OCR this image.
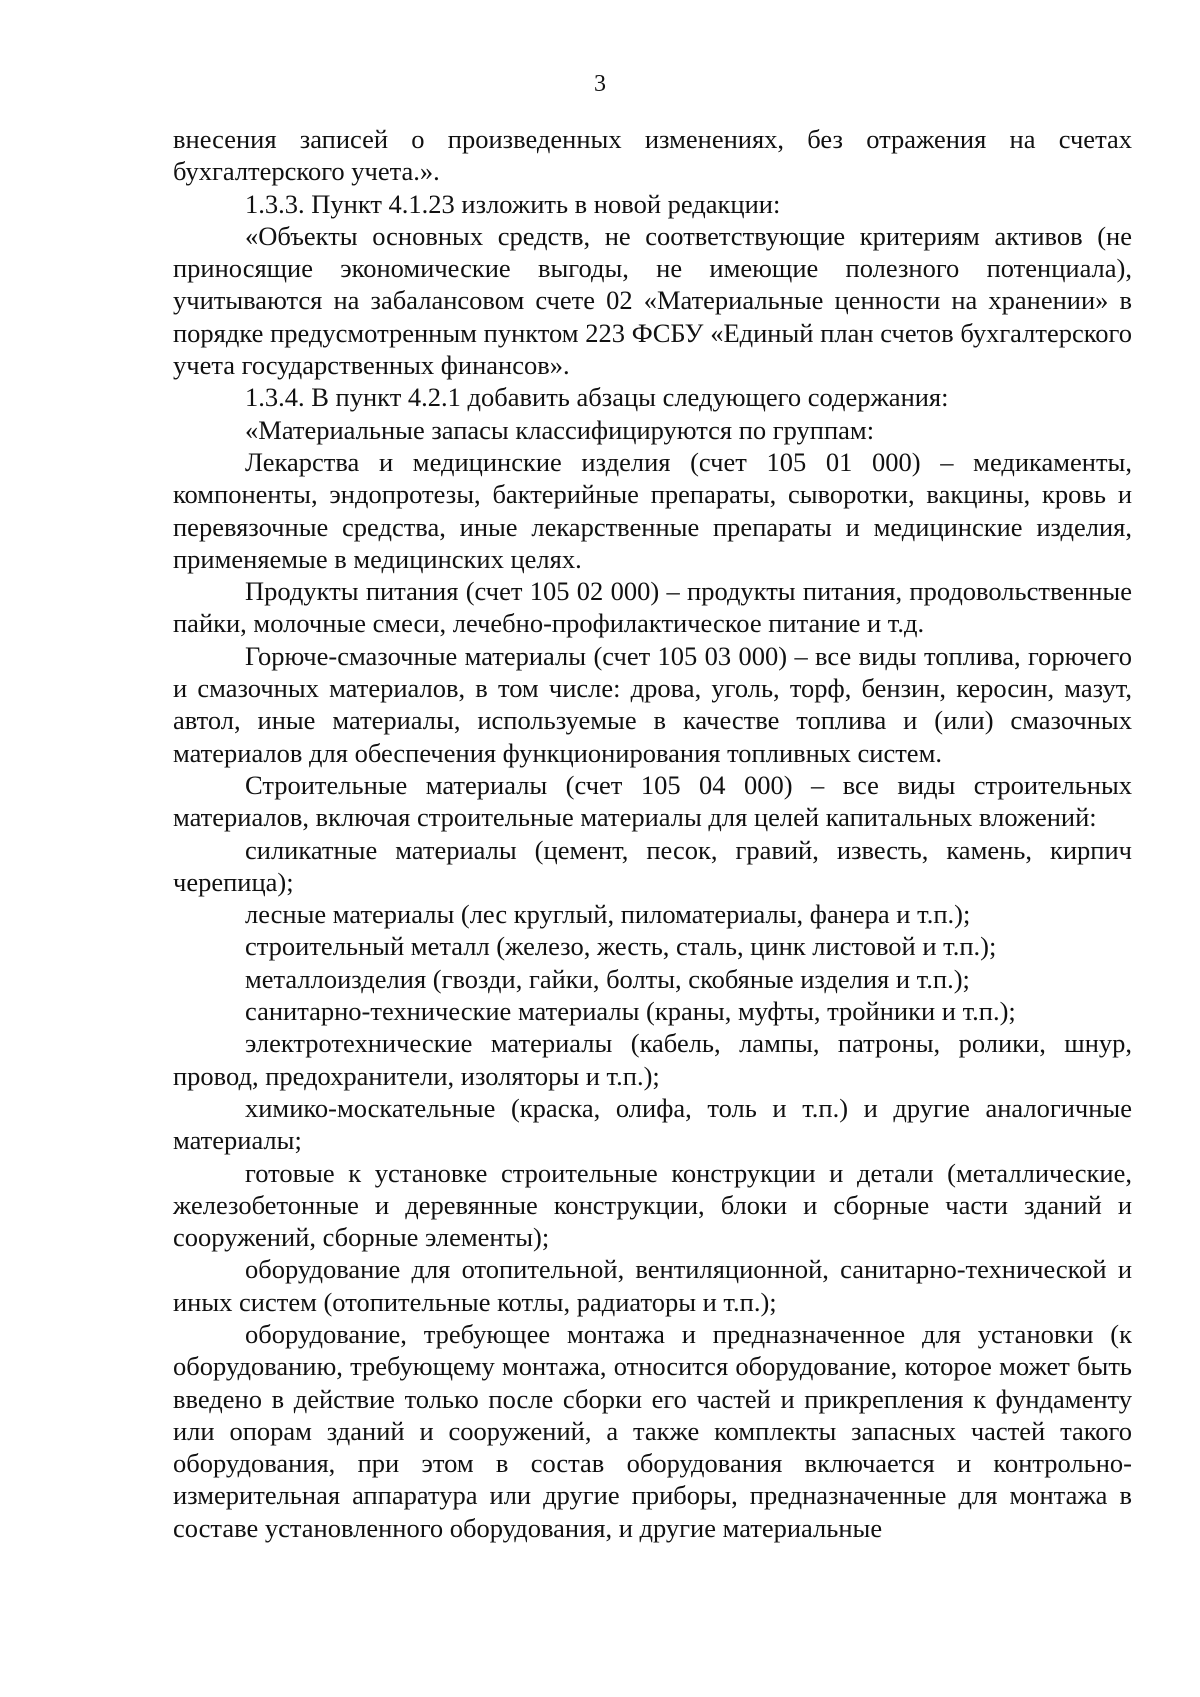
3

внесения записей о произведенных изменениях, без отражения на счетах бухгалтерского учета.».

1.3.3. Пункт 4.1.23 изложить в новой редакции:

«Объекты основных средств, не соответствующие критериям активов (не приносящие экономические выгоды, не имеющие полезного потенциала), учитываются на забалансовом счете 02 «Материальные ценности на хранении» в порядке предусмотренным пунктом 223 ФСБУ «Единый план счетов бухгалтерского учета государственных финансов».

1.3.4. В пункт 4.2.1 добавить абзацы следующего содержания:

«Материальные запасы классифицируются по группам:

Лекарства и медицинские изделия (счет 105 01 000) – медикаменты, компоненты, эндопротезы, бактерийные препараты, сыворотки, вакцины, кровь и перевязочные средства, иные лекарственные препараты и медицинские изделия, применяемые в медицинских целях.

Продукты питания (счет 105 02 000) – продукты питания, продовольственные пайки, молочные смеси, лечебно-профилактическое питание и т.д.

Горюче-смазочные материалы (счет 105 03 000) – все виды топлива, горючего и смазочных материалов, в том числе: дрова, уголь, торф, бензин, керосин, мазут, автол, иные материалы, используемые в качестве топлива и (или) смазочных материалов для обеспечения функционирования топливных систем.

Строительные материалы (счет 105 04 000) – все виды строительных материалов, включая строительные материалы для целей капитальных вложений:

силикатные материалы (цемент, песок, гравий, известь, камень, кирпич черепица);

лесные материалы (лес круглый, пиломатериалы, фанера и т.п.);

строительный металл (железо, жесть, сталь, цинк листовой и т.п.);

металлоизделия (гвозди, гайки, болты, скобяные изделия и т.п.);

санитарно-технические материалы (краны, муфты, тройники и т.п.);

электротехнические материалы (кабель, лампы, патроны, ролики, шнур, провод, предохранители, изоляторы и т.п.);

химико-москательные (краска, олифа, толь и т.п.) и другие аналогичные материалы;

готовые к установке строительные конструкции и детали (металлические, железобетонные и деревянные конструкции, блоки и сборные части зданий и сооружений, сборные элементы);

оборудование для отопительной, вентиляционной, санитарно-технической и иных систем (отопительные котлы, радиаторы и т.п.);

оборудование, требующее монтажа и предназначенное для установки (к оборудованию, требующему монтажа, относится оборудование, которое может быть введено в действие только после сборки его частей и прикрепления к фундаменту или опорам зданий и сооружений, а также комплекты запасных частей такого оборудования, при этом в состав оборудования включается и контрольно-измерительная аппаратура или другие приборы, предназначенные для монтажа в составе установленного оборудования, и другие материальные
